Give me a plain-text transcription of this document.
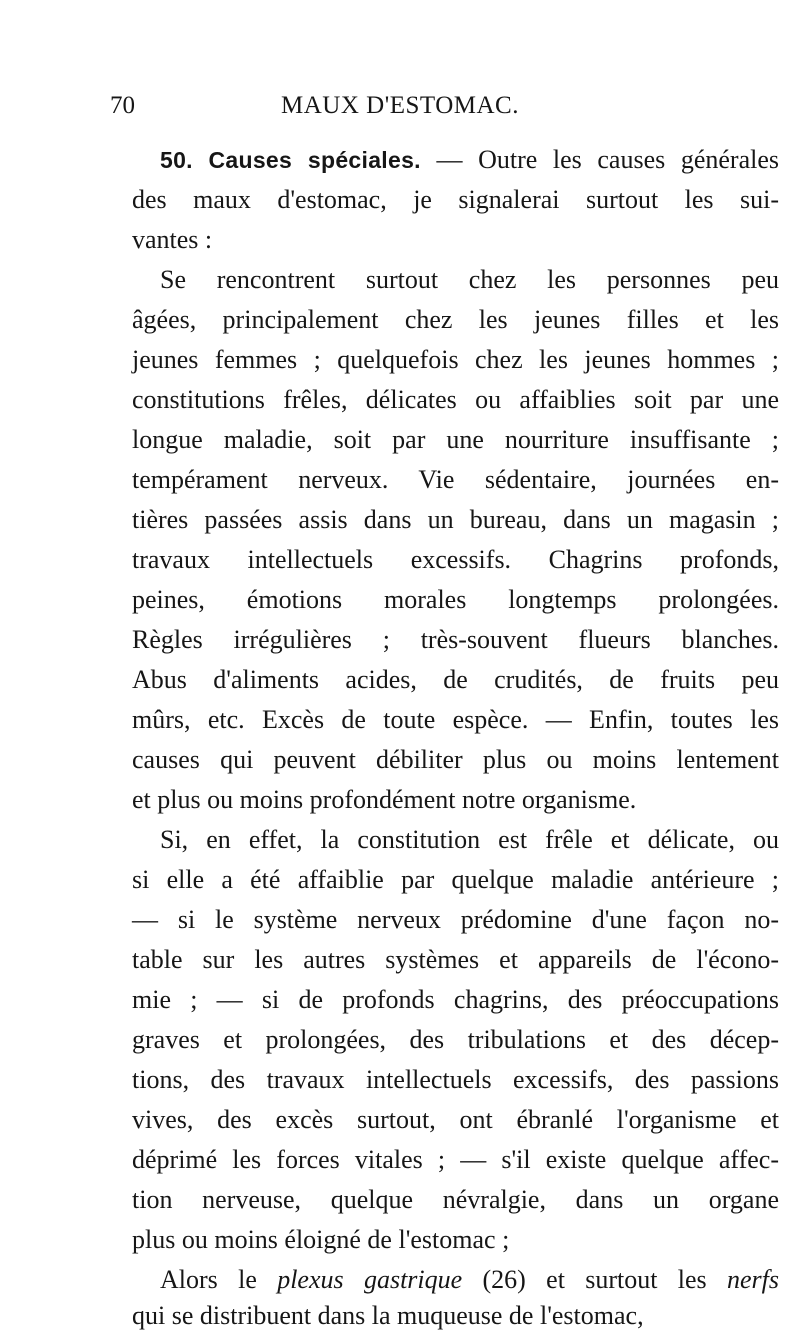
70	MAUX D'ESTOMAC.
50. Causes spéciales. — Outre les causes générales
des maux d'estomac, je signalerai surtout les sui-
vantes :
Se rencontrent surtout chez les personnes peu
âgées, principalement chez les jeunes filles et les
jeunes femmes ; quelquefois chez les jeunes hommes ;
constitutions frêles, délicates ou affaiblies soit par une
longue maladie, soit par une nourriture insuffisante ;
tempérament nerveux. Vie sédentaire, journées en-
tières passées assis dans un bureau, dans un magasin ;
travaux intellectuels excessifs. Chagrins profonds,
peines, émotions morales longtemps prolongées.
Règles irrégulières ; très-souvent flueurs blanches.
Abus d'aliments acides, de crudités, de fruits peu
mûrs, etc. Excès de toute espèce. — Enfin, toutes les
causes qui peuvent débiliter plus ou moins lentement
et plus ou moins profondément notre organisme.
Si, en effet, la constitution est frêle et délicate, ou
si elle a été affaiblie par quelque maladie antérieure ;
— si le système nerveux prédomine d'une façon no-
table sur les autres systèmes et appareils de l'écono-
mie ; — si de profonds chagrins, des préoccupations
graves et prolongées, des tribulations et des décep-
tions, des travaux intellectuels excessifs, des passions
vives, des excès surtout, ont ébranlé l'organisme et
déprimé les forces vitales ; — s'il existe quelque affec-
tion nerveuse, quelque névralgie, dans un organe
plus ou moins éloigné de l'estomac ;
Alors le plexus gastrique (26) et surtout les nerfs
qui se distribuent dans la muqueuse de l'estomac,
